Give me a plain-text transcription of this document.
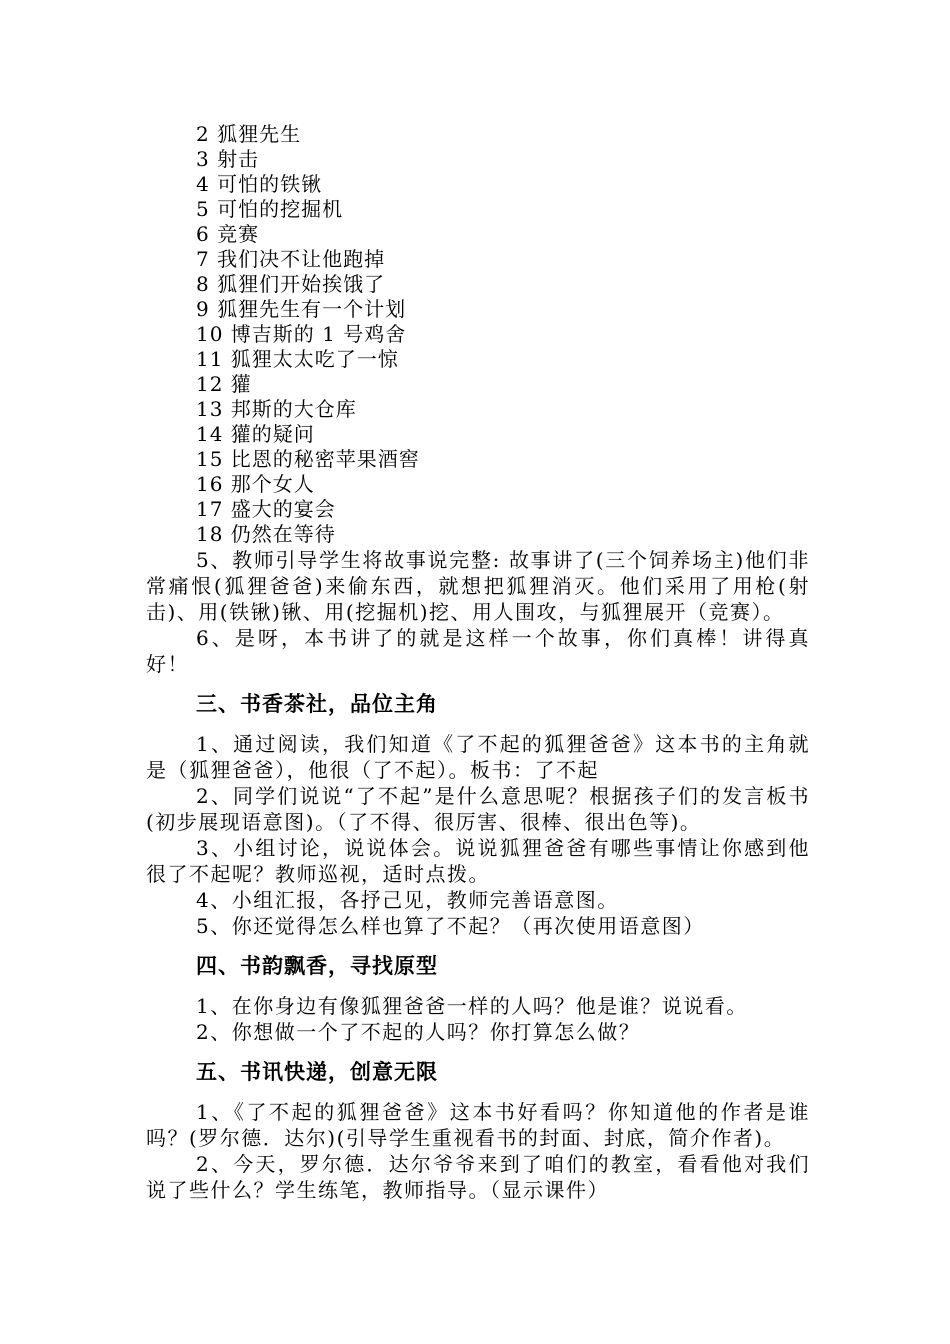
2 狐狸先生
3 射击
4 可怕的铁锹
5 可怕的挖掘机
6 竞赛
7 我们决不让他跑掉
8 狐狸们开始挨饿了
9 狐狸先生有一个计划
10 博吉斯的 1 号鸡舍
11 狐狸太太吃了一惊
12 獾
13 邦斯的大仓库
14 獾的疑问
15 比恩的秘密苹果酒窖
16 那个女人
17 盛大的宴会
18 仍然在等待

5、教师引导学生将故事说完整: 故事讲了(三个饲养场主)他们非常痛恨(狐狸爸爸)来偷东西，就想把狐狸消灭。他们采用了用枪(射击)、用(铁锹)锹、用(挖掘机)挖、用人围攻，与狐狸展开（竞赛）。

6、是呀，本书讲了的就是这样一个故事，你们真棒！讲得真好！

三、书香茶社，品位主角

1、通过阅读，我们知道《了不起的狐狸爸爸》这本书的主角就是（狐狸爸爸），他很（了不起）。板书：了不起

2、同学们说说“了不起”是什么意思呢？根据孩子们的发言板书(初步展现语意图)。（了不得、很厉害、很棒、很出色等)。

3、小组讨论，说说体会。说说狐狸爸爸有哪些事情让你感到他很了不起呢？教师巡视，适时点拨。

4、小组汇报，各抒己见，教师完善语意图。

5、你还觉得怎么样也算了不起？（再次使用语意图）

四、书韵飘香，寻找原型

1、在你身边有像狐狸爸爸一样的人吗？他是谁？说说看。

2、你想做一个了不起的人吗？你打算怎么做？

五、书讯快递，创意无限

1、《了不起的狐狸爸爸》这本书好看吗？你知道他的作者是谁吗？(罗尔德．达尔)(引导学生重视看书的封面、封底，简介作者)。

2、今天，罗尔德．达尔爷爷来到了咱们的教室，看看他对我们说了些什么？学生练笔，教师指导。（显示课件）
